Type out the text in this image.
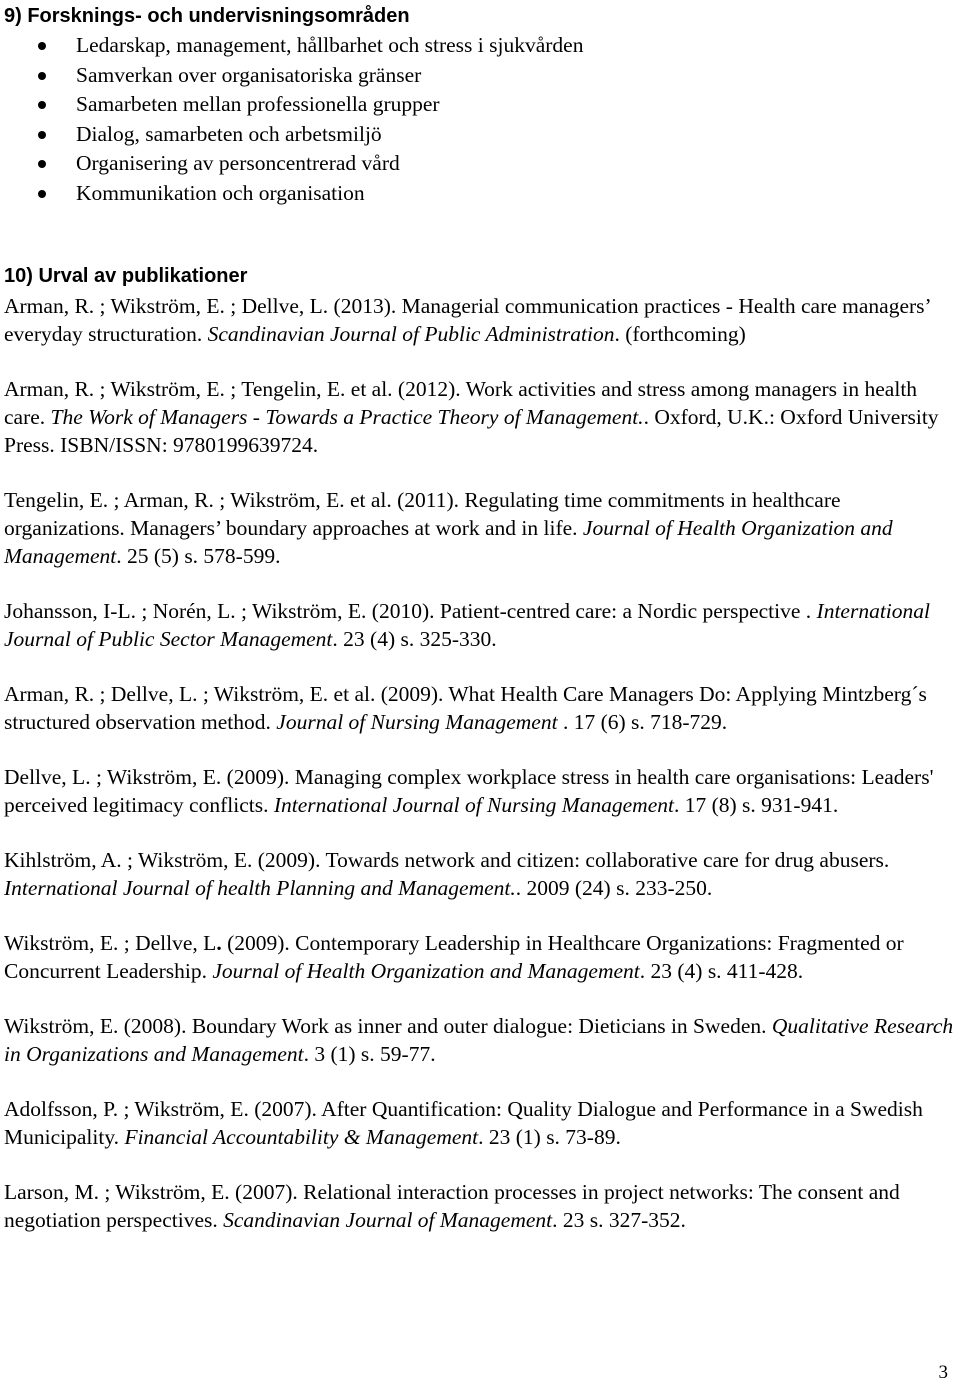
9) Forsknings- och undervisningsområden
Ledarskap, management, hållbarhet och stress i sjukvården
Samverkan over organisatoriska gränser
Samarbeten mellan professionella grupper
Dialog, samarbeten och arbetsmiljö
Organisering av personcentrerad vård
Kommunikation och organisation
10) Urval av publikationer

Arman, R. ; Wikström, E. ; Dellve, L. (2013). Managerial communication practices - Health care managers’ everyday structuration. Scandinavian Journal of Public Administration. (forthcoming)

Arman, R. ; Wikström, E. ; Tengelin, E. et al. (2012). Work activities and stress among managers in health care. The Work of Managers - Towards a Practice Theory of Management.. Oxford, U.K.: Oxford University Press. ISBN/ISSN: 9780199639724.

Tengelin, E. ; Arman, R. ; Wikström, E. et al. (2011). Regulating time commitments in healthcare organizations. Managers’ boundary approaches at work and in life. Journal of Health Organization and Management. 25 (5) s. 578-599.

Johansson, I-L. ; Norén, L. ; Wikström, E. (2010). Patient-centred care: a Nordic perspective . International Journal of Public Sector Management. 23 (4) s. 325-330.

Arman, R. ; Dellve, L. ; Wikström, E. et al. (2009). What Health Care Managers Do: Applying Mintzberg´s structured observation method. Journal of Nursing Management . 17 (6) s. 718-729.

Dellve, L. ; Wikström, E. (2009). Managing complex workplace stress in health care organisations: Leaders' perceived legitimacy conflicts. International Journal of Nursing Management. 17 (8) s. 931-941.

Kihlström, A. ; Wikström, E. (2009). Towards network and citizen: collaborative care for drug abusers. International Journal of health Planning and Management.. 2009 (24) s. 233-250.

Wikström, E. ; Dellve, L. (2009). Contemporary Leadership in Healthcare Organizations: Fragmented or Concurrent Leadership. Journal of Health Organization and Management. 23 (4) s. 411-428.

Wikström, E. (2008). Boundary Work as inner and outer dialogue: Dieticians in Sweden. Qualitative Research in Organizations and Management. 3 (1) s. 59-77.

Adolfsson, P. ; Wikström, E. (2007). After Quantification: Quality Dialogue and Performance in a Swedish Municipality. Financial Accountability & Management. 23 (1) s. 73-89.

Larson, M. ; Wikström, E. (2007). Relational interaction processes in project networks: The consent and negotiation perspectives. Scandinavian Journal of Management. 23 s. 327-352.

3
